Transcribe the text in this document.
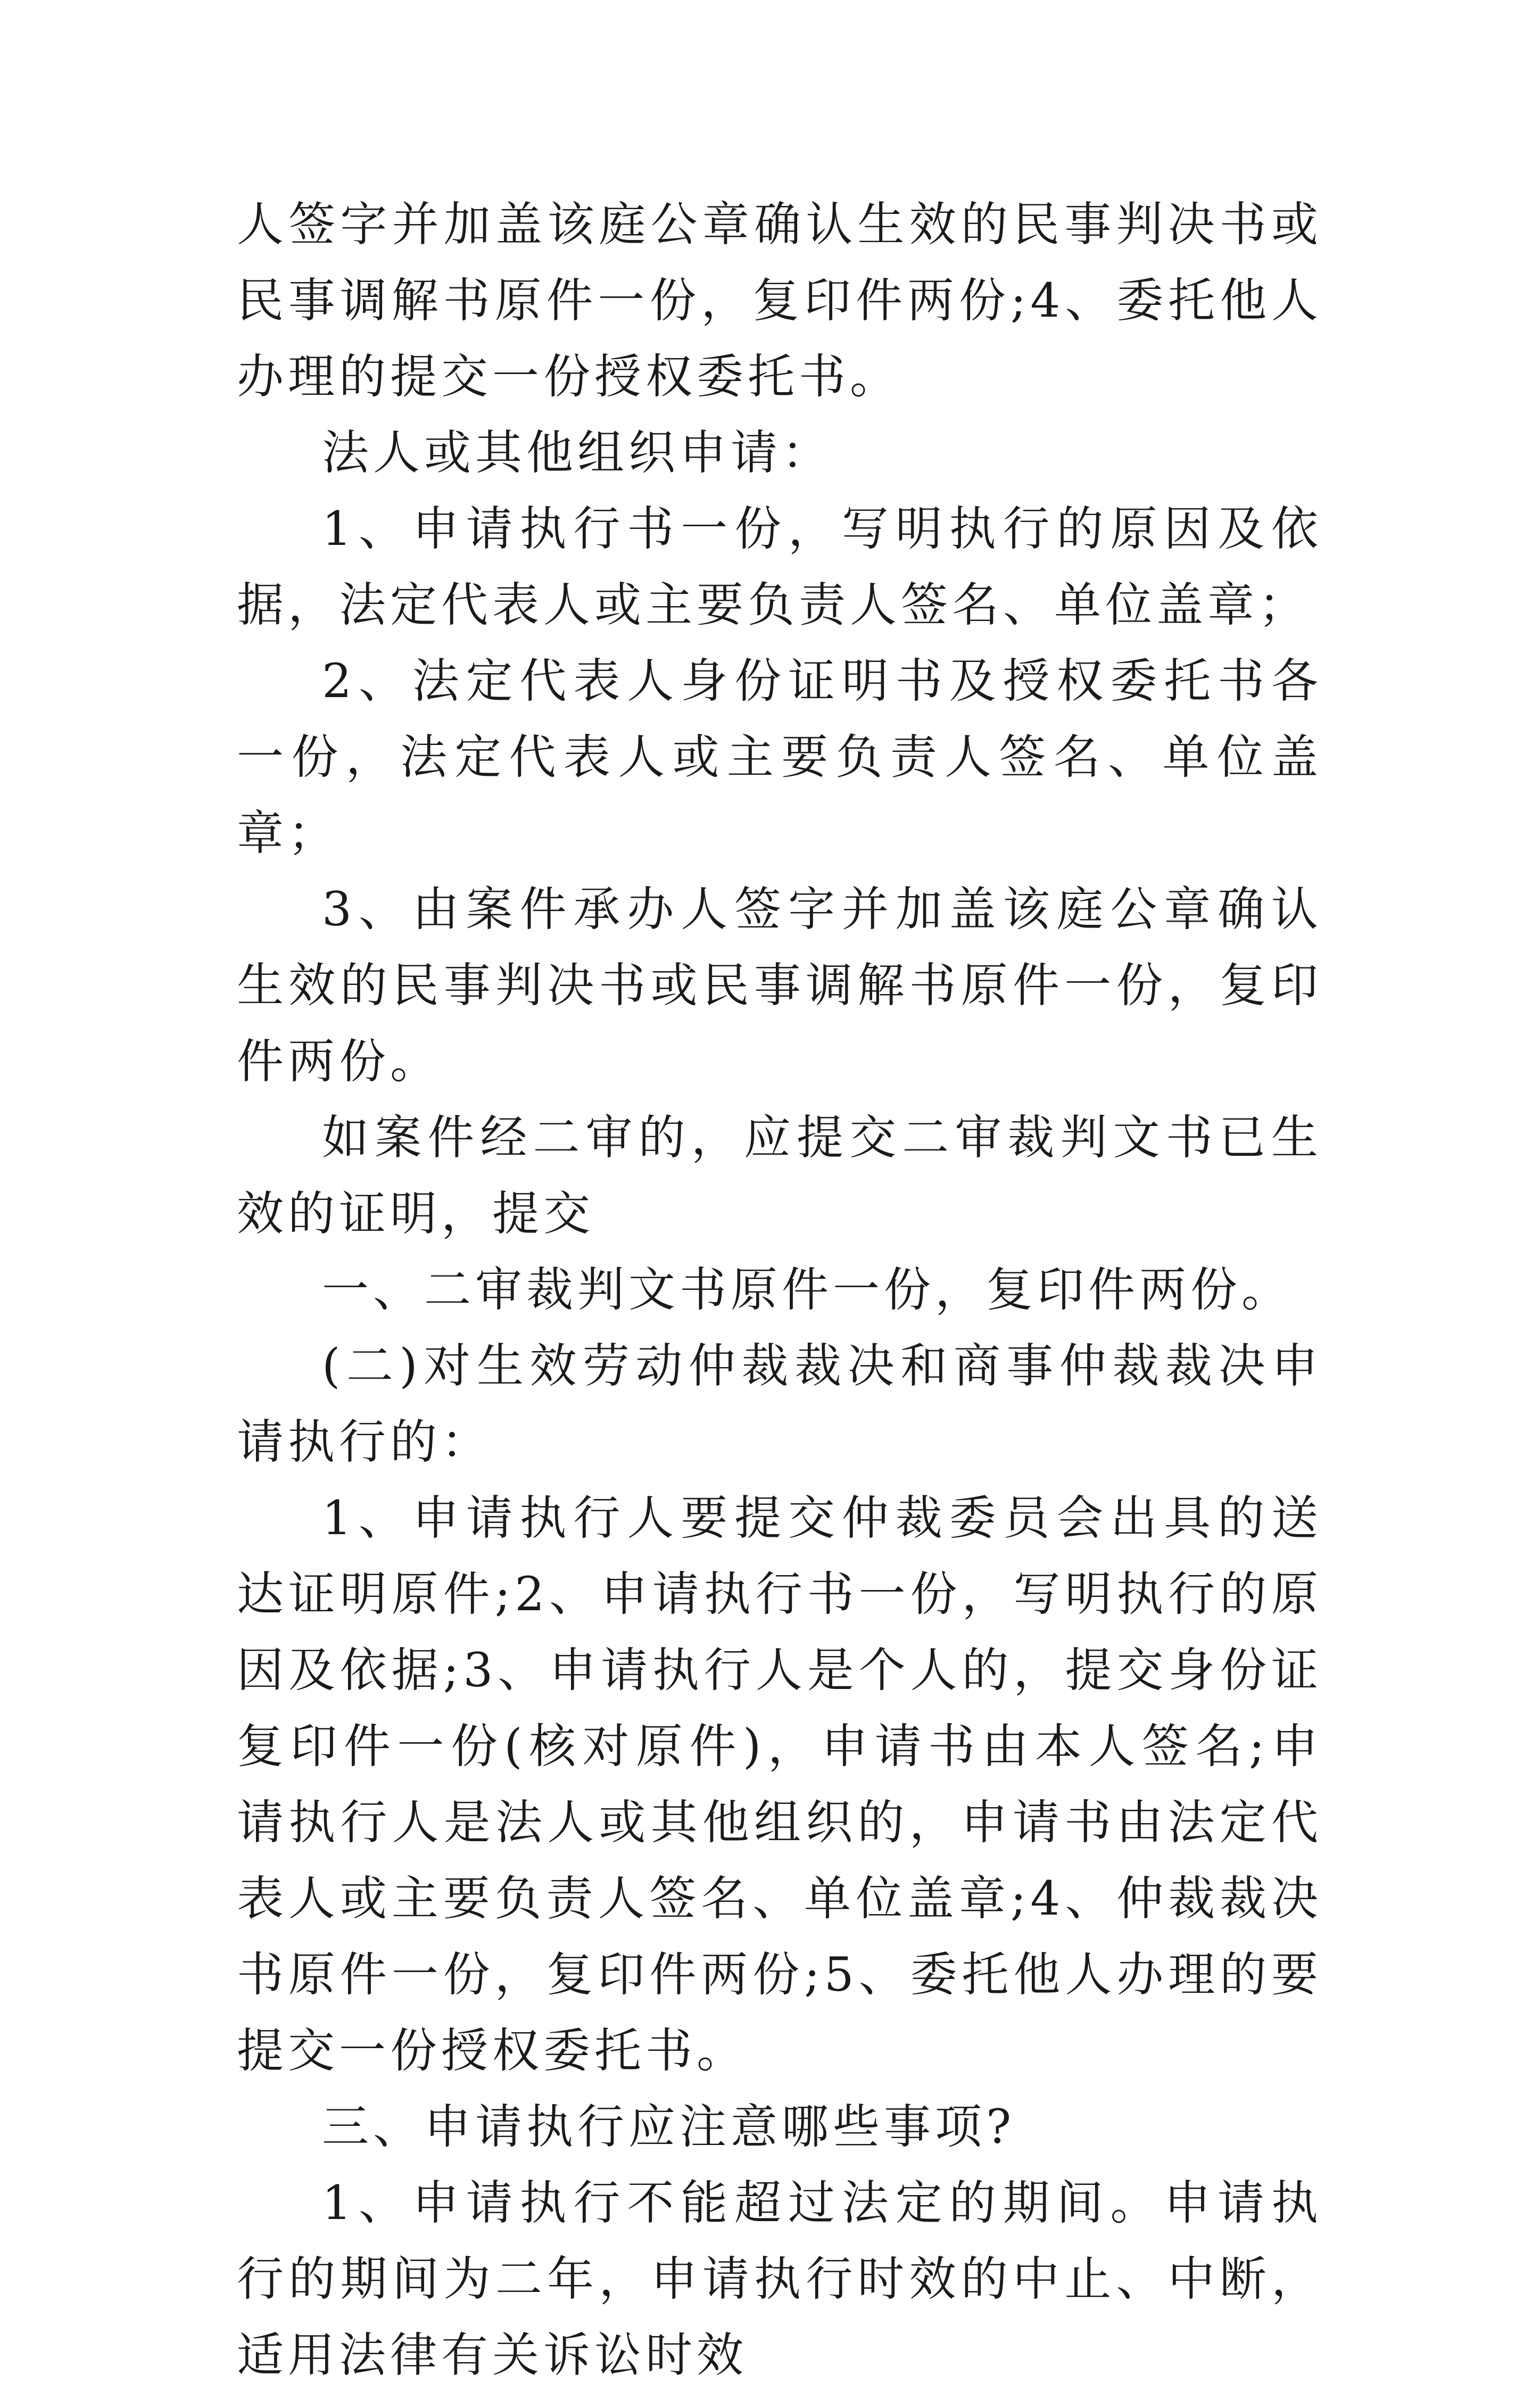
人签字并加盖该庭公章确认生效的民事判决书或民事调解书原件一份，复印件两份;4、委托他人办理的提交一份授权委托书。

法人或其他组织申请：

1、申请执行书一份，写明执行的原因及依据，法定代表人或主要负责人签名、单位盖章；

2、法定代表人身份证明书及授权委托书各一份，法定代表人或主要负责人签名、单位盖章；

3、由案件承办人签字并加盖该庭公章确认生效的民事判决书或民事调解书原件一份，复印件两份。

如案件经二审的，应提交二审裁判文书已生效的证明，提交

一、二审裁判文书原件一份，复印件两份。

(二)对生效劳动仲裁裁决和商事仲裁裁决申请执行的：

1、申请执行人要提交仲裁委员会出具的送达证明原件;2、申请执行书一份，写明执行的原因及依据;3、申请执行人是个人的，提交身份证复印件一份(核对原件)，申请书由本人签名;申请执行人是法人或其他组织的，申请书由法定代表人或主要负责人签名、单位盖章;4、仲裁裁决书原件一份，复印件两份;5、委托他人办理的要提交一份授权委托书。

三、申请执行应注意哪些事项?

1、申请执行不能超过法定的期间。申请执行的期间为二年，申请执行时效的中止、中断，适用法律有关诉讼时效
